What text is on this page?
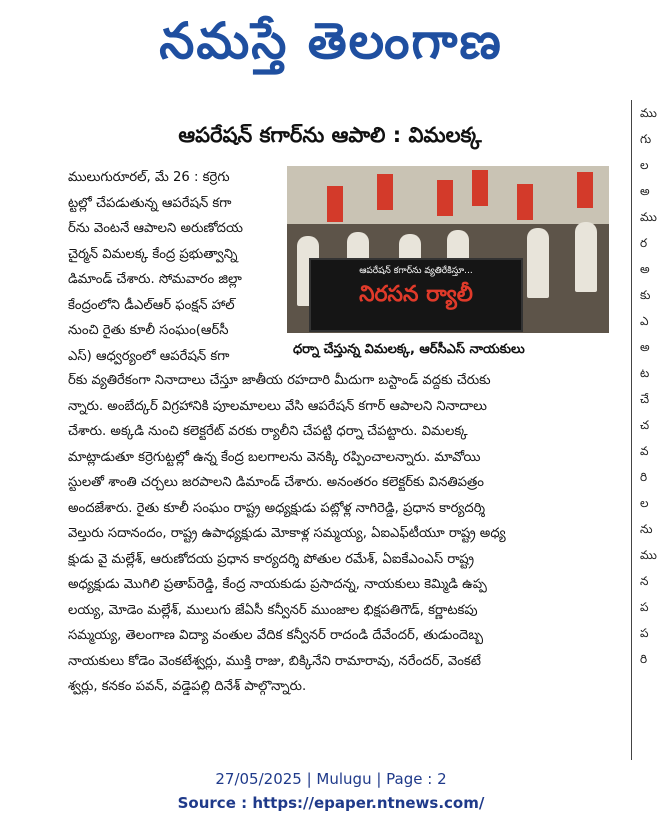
నమస్తే తెలంగాణ
ఆపరేషన్ కగార్‌ను ఆపాలి : విమలక్క
ములుగురూరల్, మే 26 : కర్రెగు
ట్టల్లో చేపడుతున్న ఆపరేషన్ కగా
ర్‌ను వెంటనే ఆపాలని అరుణోదయ
చైర్మన్ విమలక్క కేంద్ర ప్రభుత్వాన్ని
డిమాండ్ చేశారు. సోమవారం జిల్లా
కేంద్రంలోని డీఎల్‌ఆర్ ఫంక్షన్ హాల్
నుంచి రైతు కూలీ సంఘం(ఆర్‌సీ
ఎస్) ఆధ్వర్యంలో ఆపరేషన్ కగా
ఆపరేషన్ కగార్‌ను వ్యతిరేకిస్తూ...
నిరసన ర్యాలీ
ధర్నా చేస్తున్న విమలక్క, ఆర్‌సీఎస్ నాయకులు
ర్‌కు వ్యతిరేకంగా నినాదాలు చేస్తూ జాతీయ రహదారి మీదుగా బస్టాండ్ వద్దకు చేరుకు
న్నారు. అంబేద్కర్ విగ్రహానికి పూలమాలలు వేసి ఆపరేషన్ కగార్ ఆపాలని నినాదాలు
చేశారు. అక్కడి నుంచి కలెక్టరేట్ వరకు ర్యాలీని చేపట్టి ధర్నా చేపట్టారు. విమలక్క
మాట్లాడుతూ కర్రెగుట్టల్లో ఉన్న కేంద్ర బలగాలను వెనక్కి రప్పించాలన్నారు. మావోయి
స్టులతో శాంతి చర్చలు జరపాలని డిమాండ్ చేశారు. అనంతరం కలెక్టర్‌కు వినతిపత్రం
అందజేశారు. రైతు కూలీ సంఘం రాష్ట్ర అధ్యక్షుడు పట్లోళ్ల నాగిరెడ్డి, ప్రధాన కార్యదర్శి
వెల్తురు సదానందం, రాష్ట్ర ఉపాధ్యక్షుడు మోకాళ్ల సమ్మయ్య, ఏఐఎఫ్‌టీయూ రాష్ట్ర అధ్య
క్షుడు వై మల్లేశ్, ఆరుణోదయ ప్రధాన కార్యదర్శి పోతుల రమేశ్, ఏఐకేఎంఎస్ రాష్ట్ర
అధ్యక్షుడు మొగిలి ప్రతాప్‌రెడ్డి, కేంద్ర నాయకుడు ప్రసాదన్న, నాయకులు కెమ్మిడి ఉప్ప
లయ్య, మోడెం మల్లేశ్, ములుగు జేఏసీ కన్వీనర్ ముంజాల భిక్షపతిగౌడ్, కర్ణాటకపు
సమ్మయ్య, తెలంగాణ విద్యా వంతుల వేదిక కన్వీనర్ రాదండి దేవేందర్, తుడుందెబ్బ
నాయకులు కోడెం వెంకటేశ్వర్లు, ముక్తి రాజు, బిక్కినేని రామారావు, నరేందర్, వెంకటే
శ్వర్లు, కనకం పవన్, వడ్డెపల్లి దినేశ్ పాల్గొన్నారు.
ము
గు
ల
అ
ము
ర
అ
కు
ఎ
అ
ట
చే
చ
వ
రి
ల
ను
ము
న
ప
ప
రి
27/05/2025 | Mulugu | Page : 2
Source : https://epaper.ntnews.com/
